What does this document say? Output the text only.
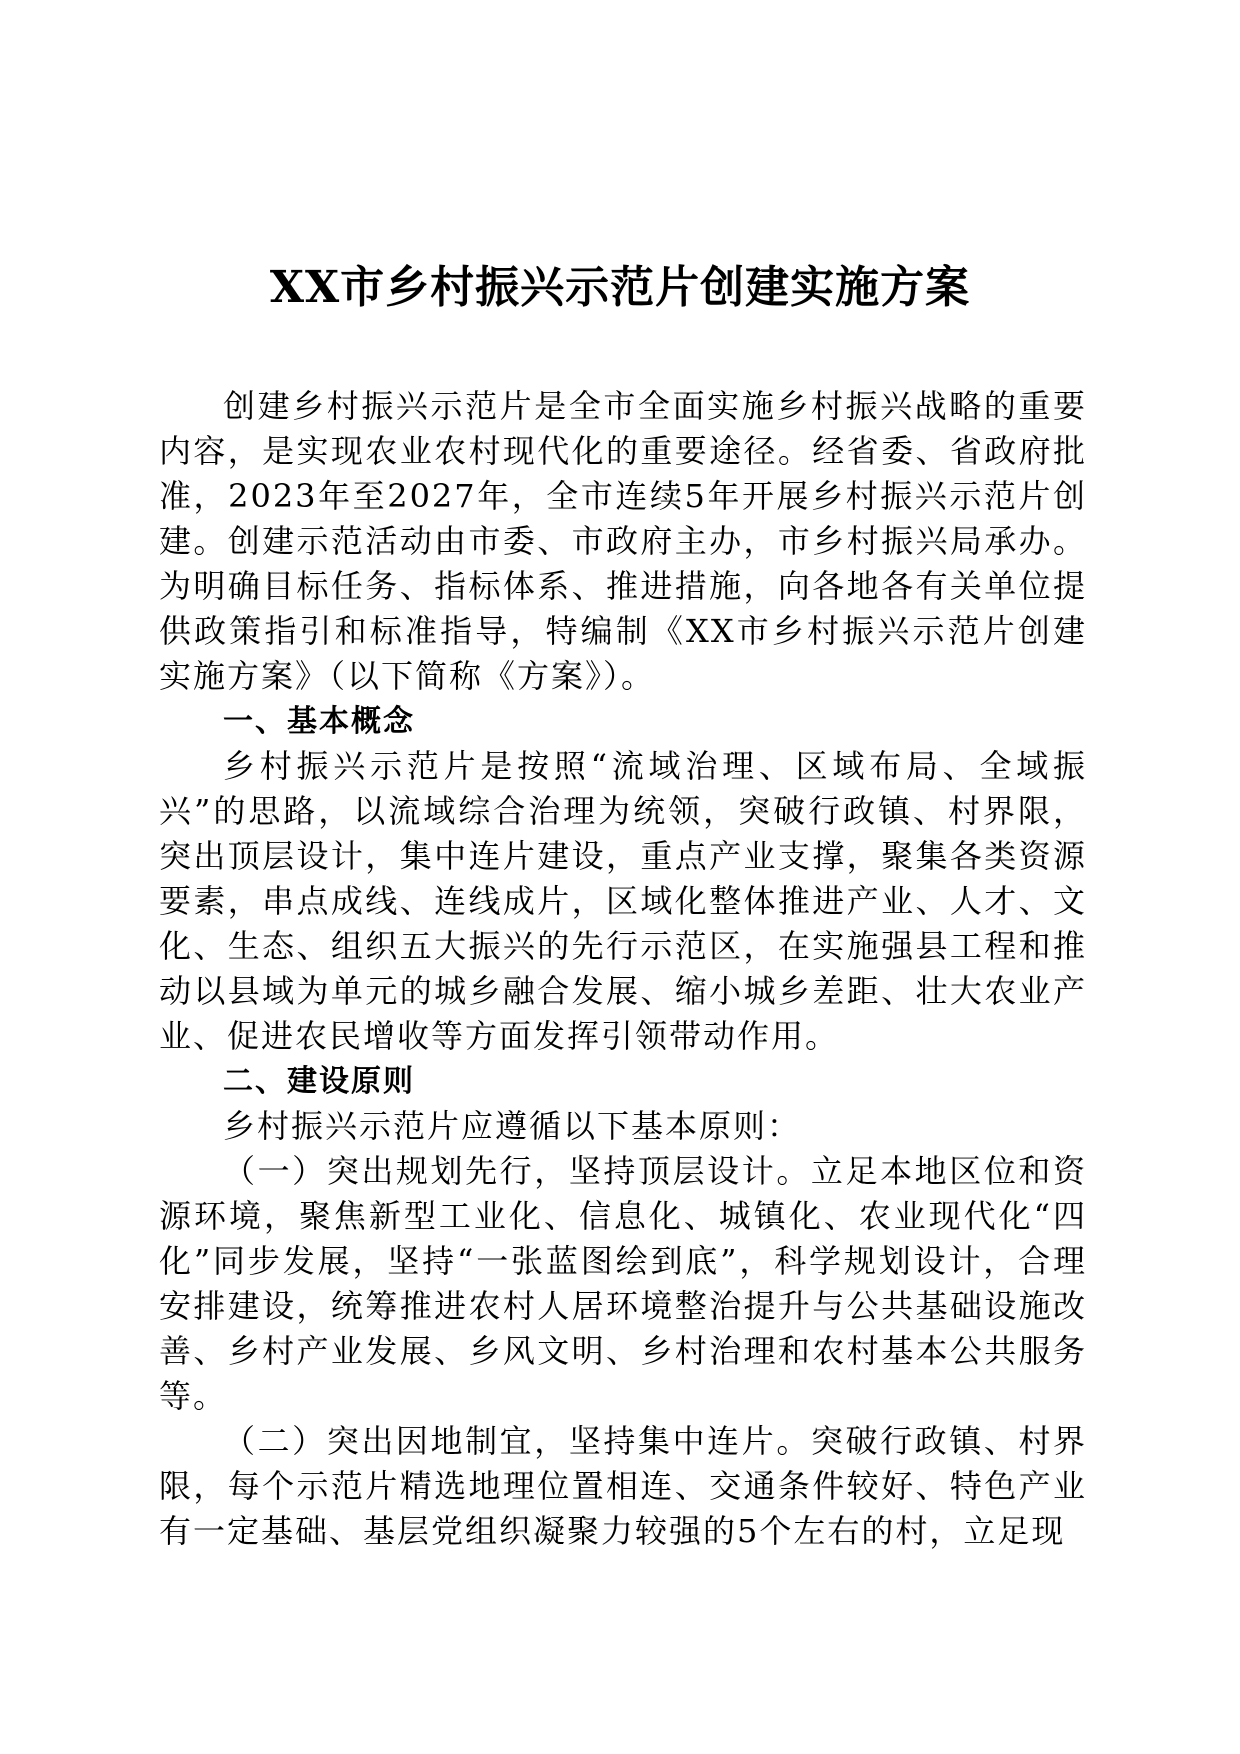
XX市乡村振兴示范片创建实施方案

创建乡村振兴示范片是全市全面实施乡村振兴战略的重要内容，是实现农业农村现代化的重要途径。经省委、省政府批准，2023年至2027年，全市连续5年开展乡村振兴示范片创建。创建示范活动由市委、市政府主办，市乡村振兴局承办。为明确目标任务、指标体系、推进措施，向各地各有关单位提供政策指引和标准指导，特编制《XX市乡村振兴示范片创建实施方案》（以下简称《方案》）。

一、基本概念

乡村振兴示范片是按照“流域治理、区域布局、全域振兴”的思路，以流域综合治理为统领，突破行政镇、村界限，突出顶层设计，集中连片建设，重点产业支撑，聚集各类资源要素，串点成线、连线成片，区域化整体推进产业、人才、文化、生态、组织五大振兴的先行示范区，在实施强县工程和推动以县域为单元的城乡融合发展、缩小城乡差距、壮大农业产业、促进农民增收等方面发挥引领带动作用。

二、建设原则

乡村振兴示范片应遵循以下基本原则：

（一）突出规划先行，坚持顶层设计。立足本地区位和资源环境，聚焦新型工业化、信息化、城镇化、农业现代化“四化”同步发展，坚持“一张蓝图绘到底”，科学规划设计，合理安排建设，统筹推进农村人居环境整治提升与公共基础设施改善、乡村产业发展、乡风文明、乡村治理和农村基本公共服务等。

（二）突出因地制宜，坚持集中连片。突破行政镇、村界限，每个示范片精选地理位置相连、交通条件较好、特色产业有一定基础、基层党组织凝聚力较强的5个左右的村，立足现
